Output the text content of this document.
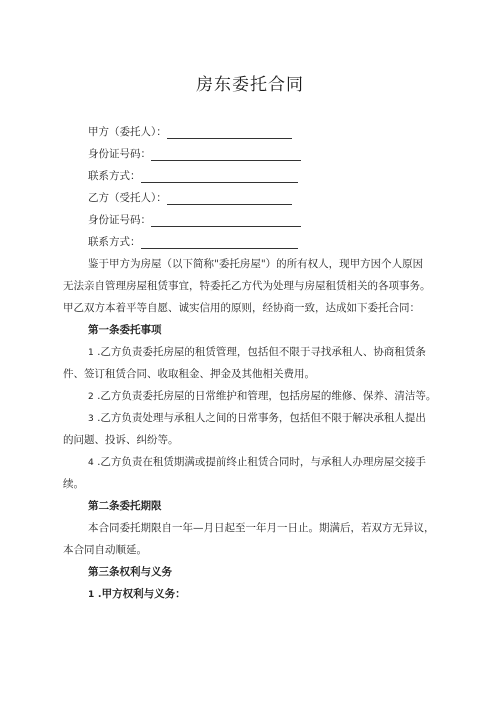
房东委托合同
甲方（委托人）：
身份证号码：
联系方式：
乙方（受托人）：
身份证号码：
联系方式：
鉴于甲方为房屋（以下简称"委托房屋"）的所有权人，现甲方因个人原因
无法亲自管理房屋租赁事宜，特委托乙方代为处理与房屋租赁相关的各项事务。
甲乙双方本着平等自愿、诚实信用的原则，经协商一致，达成如下委托合同：
第一条委托事项
1 .乙方负责委托房屋的租赁管理，包括但不限于寻找承租人、协商租赁条
件、签订租赁合同、收取租金、押金及其他相关费用。
2 .乙方负责委托房屋的日常维护和管理，包括房屋的维修、保养、清洁等。
3 .乙方负责处理与承租人之间的日常事务，包括但不限于解决承租人提出
的问题、投诉、纠纷等。
4 .乙方负责在租赁期满或提前终止租赁合同时，与承租人办理房屋交接手
续。
第二条委托期限
本合同委托期限自一年—月日起至一年月一日止。期满后，若双方无异议，
本合同自动顺延。
第三条权利与义务
1 .甲方权利与义务：
